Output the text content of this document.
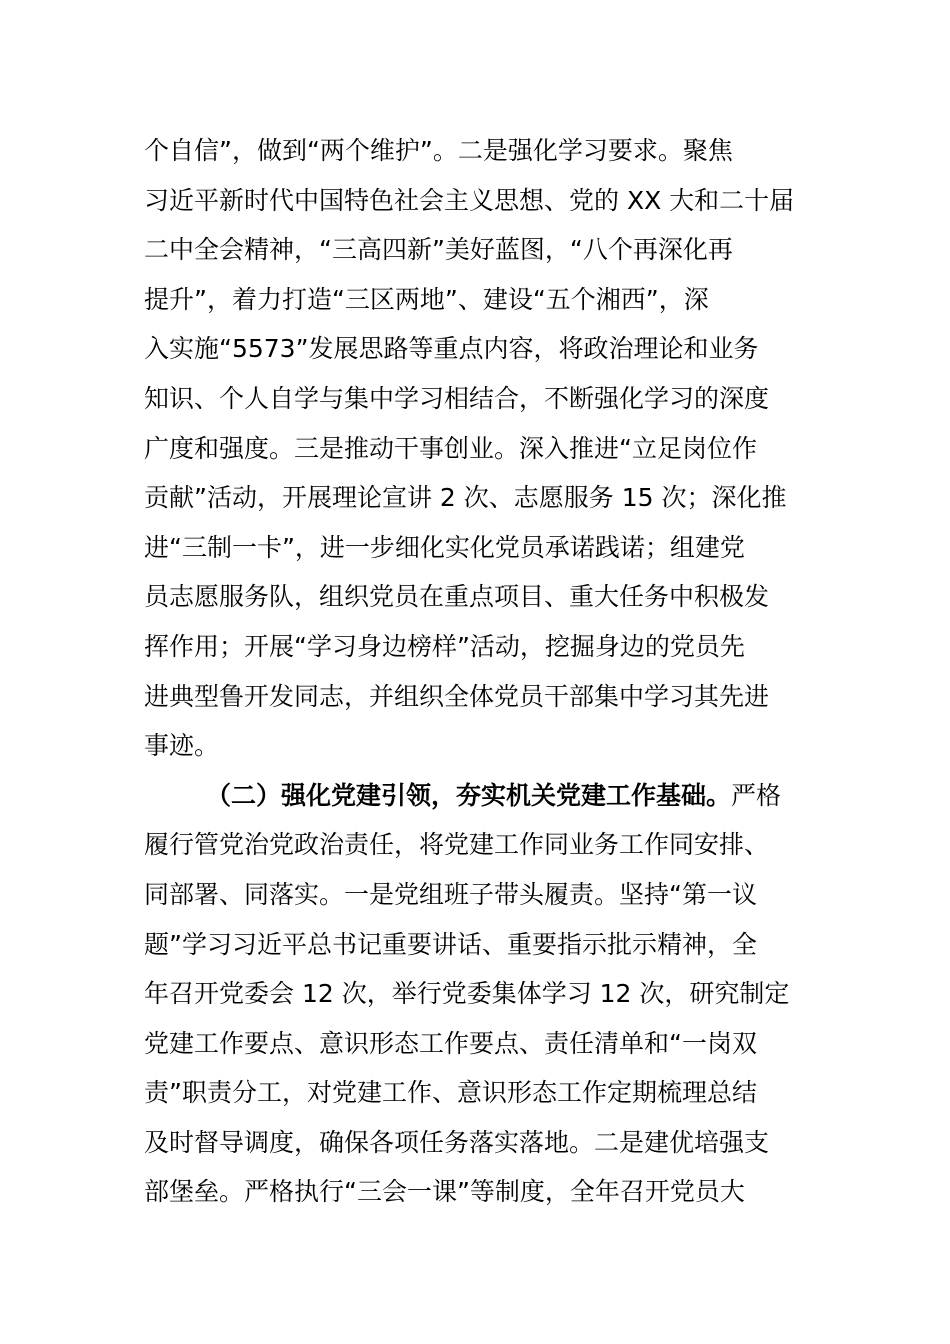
个自信”，做到“两个维护”。二是强化学习要求。聚焦
习近平新时代中国特色社会主义思想、党的 XX 大和二十届
二中全会精神，“三高四新”美好蓝图，“八个再深化再
提升”，着力打造“三区两地”、建设“五个湘西”，深
入实施“5573”发展思路等重点内容，将政治理论和业务
知识、个人自学与集中学习相结合，不断强化学习的深度
广度和强度。三是推动干事创业。深入推进“立足岗位作
贡献”活动，开展理论宣讲 2 次、志愿服务 15 次；深化推
进“三制一卡”，进一步细化实化党员承诺践诺；组建党
员志愿服务队，组织党员在重点项目、重大任务中积极发
挥作用；开展“学习身边榜样”活动，挖掘身边的党员先
进典型鲁开发同志，并组织全体党员干部集中学习其先进
事迹。
（二）强化党建引领，夯实机关党建工作基础。严格
履行管党治党政治责任，将党建工作同业务工作同安排、
同部署、同落实。一是党组班子带头履责。坚持“第一议
题”学习习近平总书记重要讲话、重要指示批示精神，全
年召开党委会 12 次，举行党委集体学习 12 次，研究制定
党建工作要点、意识形态工作要点、责任清单和“一岗双
责”职责分工，对党建工作、意识形态工作定期梳理总结
及时督导调度，确保各项任务落实落地。二是建优培强支
部堡垒。严格执行“三会一课”等制度，全年召开党员大
